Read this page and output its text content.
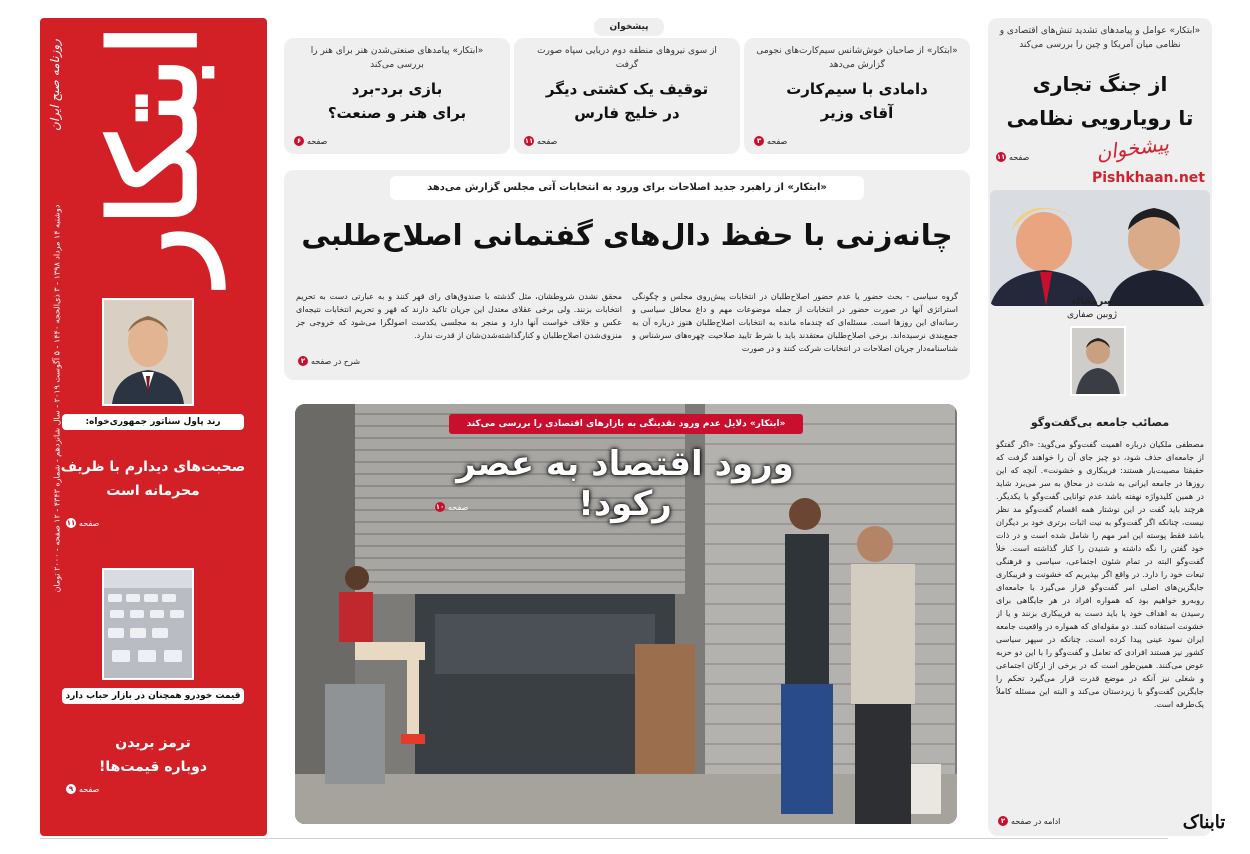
ابتکار
روزنامه صبح ایران
دوشنبه ۱۴ مرداد ۱۳۹۸ - ۳ ذی‌الحجه ۱۴۴۰ - ۵ آگوست ۲۰۱۹ - سال شانزدهم - شماره ۴۳۴۳ - ۱۲ صفحه - ۲۰۰۰ تومان
رند پاول سناتور جمهوری‌خواه:
صحبت‌های دیدارم با ظریف
محرمانه است
صفحه
۱۱
قیمت خودرو همچنان در بازار حباب دارد
ترمز بریدن
دوباره قیمت‌ها!
صفحه
۹
پیشخوان
«ابتکار» پیامدهای صنعتی‌شدن هنر برای هنر را بررسی می‌کند
بازی برد-برد
برای هنر و صنعت؟
صفحه
۶
از سوی نیروهای منطقه دوم دریایی سپاه صورت گرفت
توقیف یک کشتی دیگر
در خلیج فارس
صفحه
۱۱
«ابتکار» از صاحبان خوش‌شانس سیم‌کارت‌های نجومی گزارش می‌دهد
دامادی با سیم‌کارت
آقای وزیر
صفحه
۳
«ابتکار» از راهبرد جدید اصلاحات برای ورود به انتخابات آتی مجلس گزارش می‌دهد
چانه‌زنی با حفظ دال‌های گفتمانی اصلاح‌طلبی
گروه سیاسی - بحث حضور یا عدم حضور اصلاح‌طلبان در انتخابات پیش‌روی مجلس و چگونگی استراتژی آنها در صورت حضور در انتخابات از جمله موضوعات مهم و داغ محافل سیاسی و رسانه‌ای این روزها است. مسئله‌ای که چندماه مانده به انتخابات اصلاح‌طلبان هنوز درباره آن به جمع‌بندی نرسیده‌اند. برخی اصلاح‌طلبان معتقدند باید با شرط تایید صلاحیت چهره‌های سرشناس و شناسنامه‌دار جریان اصلاحات در انتخابات شرکت کنند و در صورت
محقق نشدن شروطشان، مثل گذشته با صندوق‌های رای قهر کنند و به عبارتی دست به تحریم انتخابات بزنند. ولی برخی عقلای معتدل این جریان تاکید دارند که قهر و تحریم انتخابات نتیجه‌ای عکس و خلاف خواست آنها دارد و منجر به مجلسی یکدست اصولگرا می‌شود که خروجی جز منزوی‌شدن اصلاح‌طلبان و کنارگذاشته‌شدن‌شان از قدرت ندارد.
شرح در صفحه
۲
«ابتکار» دلایل عدم ورود نقدینگی به بازارهای اقتصادی را بررسی می‌کند
ورود اقتصاد به عصر رکود!
صفحه
۱۰
«ابتکار» عوامل و پیامدهای تشدید تنش‌های اقتصادی و نظامی میان آمریکا و چین را بررسی می‌کند
از جنگ تجاری
تا رویارویی نظامی
صفحه
۱۱	پیشخوان
Pishkhaan.net
سرمقاله
ژوبین صفاری
مصائب جامعه بی‌گفت‌وگو
مصطفی ملکیان درباره اهمیت گفت‌وگو می‌گوید: «اگر گفتگو از جامعه‌ای حذف شود، دو چیز جای آن را خواهند گرفت که حقیقتا مصیبت‌بار هستند: فریبکاری و خشونت». آنچه که این روزها در جامعه ایرانی به شدت در محاق به سر می‌برد شاید در همین کلیدواژه نهفته باشد عدم توانایی گفت‌وگو با یکدیگر. هرچند باید گفت در این نوشتار همه اقسام گفت‌وگو مد نظر نیست، چنانکه اگر گفت‌وگو به نیت اثبات برتری خود بر دیگران باشد فقط پوسته این امر مهم را شامل شده است و در ذات خود گفتن را نگه داشته و شنیدن را کنار گذاشته است. خلأ گفت‌وگو البته در تمام شئون اجتماعی، سیاسی و فرهنگی تبعات خود را دارد. در واقع اگر بپذیریم که خشونت و فریبکاری جایگزین‌های اصلی امر گفت‌وگو قرار می‌گیرد با جامعه‌ای روبه‌رو خواهیم بود که همواره افراد در هر جایگاهی برای رسیدن به اهداف خود یا باید دست به فریبکاری بزنند و یا از خشونت استفاده کنند. دو مقوله‌ای که همواره در واقعیت جامعه ایران نمود عینی پیدا کرده است. چنانکه در سپهر سیاسی کشور نیز هستند افرادی که تعامل و گفت‌وگو را با این دو حربه عوض می‌کنند. همین‌طور است که در برخی از ارکان اجتماعی و شغلی نیز آنکه در موضع قدرت قرار می‌گیرد تحکم را جایگزین گفت‌وگو با زیردستان می‌کند و البته این مسئله کاملاً یک‌طرفه است.
ادامه در صفحه
۲	تابناک
